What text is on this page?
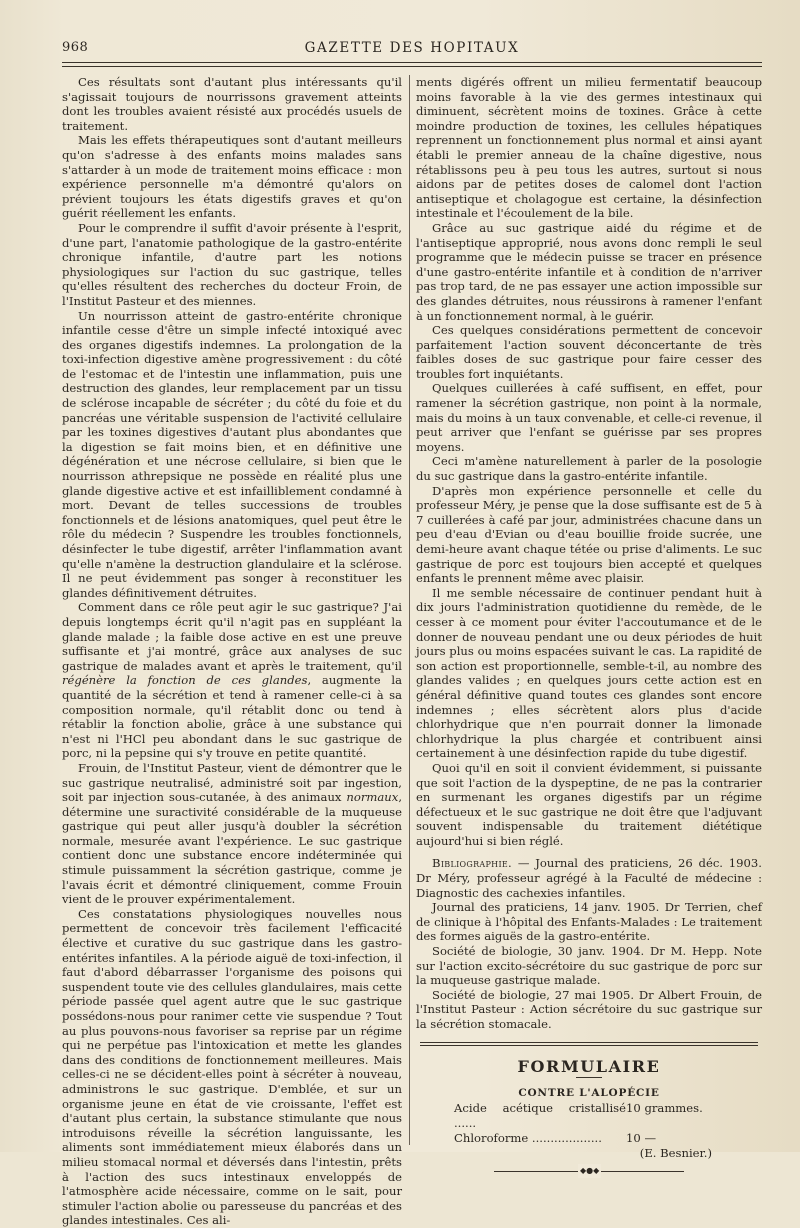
968	GAZETTE DES HOPITAUX

Ces résultats sont d'autant plus intéressants qu'il s'agissait toujours de nourrissons gravement atteints dont les troubles avaient résisté aux procédés usuels de traitement.

Mais les effets thérapeutiques sont d'autant meilleurs qu'on s'adresse à des enfants moins malades sans s'attarder à un mode de traitement moins efficace : mon expérience personnelle m'a démontré qu'alors on prévient toujours les états digestifs graves et qu'on guérit réellement les enfants.

Pour le comprendre il suffit d'avoir présente à l'esprit, d'une part, l'anatomie pathologique de la gastro-entérite chronique infantile, d'autre part les notions physiologiques sur l'action du suc gastrique, telles qu'elles résultent des recherches du docteur Froin, de l'Institut Pasteur et des miennes.

Un nourrisson atteint de gastro-entérite chronique infantile cesse d'être un simple infecté intoxiqué avec des organes digestifs indemnes. La prolongation de la toxi-infection digestive amène progressivement : du côté de l'estomac et de l'intestin une inflammation, puis une destruction des glandes, leur remplacement par un tissu de sclérose incapable de sécréter ; du côté du foie et du pancréas une véritable suspension de l'activité cellulaire par les toxines digestives d'autant plus abondantes que la digestion se fait moins bien, et en définitive une dégénération et une nécrose cellulaire, si bien que le nourrisson athrepsique ne possède en réalité plus une glande digestive active et est infailliblement condamné à mort. Devant de telles successions de troubles fonctionnels et de lésions anatomiques, quel peut être le rôle du médecin ? Suspendre les troubles fonctionnels, désinfecter le tube digestif, arrêter l'inflammation avant qu'elle n'amène la destruction glandulaire et la sclérose. Il ne peut évidemment pas songer à reconstituer les glandes définitivement détruites.

Comment dans ce rôle peut agir le suc gastrique? J'ai depuis longtemps écrit qu'il n'agit pas en suppléant la glande malade ; la faible dose active en est une preuve suffisante et j'ai montré, grâce aux analyses de suc gastrique de malades avant et après le traitement, qu'il régénère la fonction de ces glandes, augmente la quantité de la sécrétion et tend à ramener celle-ci à sa composition normale, qu'il rétablit donc ou tend à rétablir la fonction abolie, grâce à une substance qui n'est ni l'HCl peu abondant dans le suc gastrique de porc, ni la pepsine qui s'y trouve en petite quantité.

Frouin, de l'Institut Pasteur, vient de démontrer que le suc gastrique neutralisé, administré soit par ingestion, soit par injection sous-cutanée, à des animaux normaux, détermine une suractivité considérable de la muqueuse gastrique qui peut aller jusqu'à doubler la sécrétion normale, mesurée avant l'expérience. Le suc gastrique contient donc une substance encore indéterminée qui stimule puissamment la sécrétion gastrique, comme je l'avais écrit et démontré cliniquement, comme Frouin vient de le prouver expérimentalement.

Ces constatations physiologiques nouvelles nous permettent de concevoir très facilement l'efficacité élective et curative du suc gastrique dans les gastro-entérites infantiles. A la période aiguë de toxi-infection, il faut d'abord débarrasser l'organisme des poisons qui suspendent toute vie des cellules glandulaires, mais cette période passée quel agent autre que le suc gastrique possédons-nous pour ranimer cette vie suspendue ? Tout au plus pouvons-nous favoriser sa reprise par un régime qui ne perpétue pas l'intoxication et mette les glandes dans des conditions de fonctionnement meilleures. Mais celles-ci ne se décident-elles point à sécréter à nouveau, administrons le suc gastrique. D'emblée, et sur un organisme jeune en état de vie croissante, l'effet est d'autant plus certain, la substance stimulante que nous introduisons réveille la sécrétion languissante, les aliments sont immédiatement mieux élaborés dans un milieu stomacal normal et déversés dans l'intestin, prêts à l'action des sucs intestinaux enveloppés de l'atmosphère acide nécessaire, comme on le sait, pour stimuler l'action abolie ou paresseuse du pancréas et des glandes intestinales. Ces ali-

ments digérés offrent un milieu fermentatif beaucoup moins favorable à la vie des germes intestinaux qui diminuent, sécrètent moins de toxines. Grâce à cette moindre production de toxines, les cellules hépatiques reprennent un fonctionnement plus normal et ainsi ayant établi le premier anneau de la chaîne digestive, nous rétablissons peu à peu tous les autres, surtout si nous aidons par de petites doses de calomel dont l'action antiseptique et cholagogue est certaine, la désinfection intestinale et l'écoulement de la bile.

Grâce au suc gastrique aidé du régime et de l'antiseptique approprié, nous avons donc rempli le seul programme que le médecin puisse se tracer en présence d'une gastro-entérite infantile et à condition de n'arriver pas trop tard, de ne pas essayer une action impossible sur des glandes détruites, nous réussirons à ramener l'enfant à un fonctionnement normal, à le guérir.

Ces quelques considérations permettent de concevoir parfaitement l'action souvent déconcertante de très faibles doses de suc gastrique pour faire cesser des troubles fort inquiétants.

Quelques cuillerées à café suffisent, en effet, pour ramener la sécrétion gastrique, non point à la normale, mais du moins à un taux convenable, et celle-ci revenue, il peut arriver que l'enfant se guérisse par ses propres moyens.

Ceci m'amène naturellement à parler de la posologie du suc gastrique dans la gastro-entérite infantile.

D'après mon expérience personnelle et celle du professeur Méry, je pense que la dose suffisante est de 5 à 7 cuillerées à café par jour, administrées chacune dans un peu d'eau d'Evian ou d'eau bouillie froide sucrée, une demi-heure avant chaque tétée ou prise d'aliments. Le suc gastrique de porc est toujours bien accepté et quelques enfants le prennent même avec plaisir.

Il me semble nécessaire de continuer pendant huit à dix jours l'administration quotidienne du remède, de le cesser à ce moment pour éviter l'accoutumance et de le donner de nouveau pendant une ou deux périodes de huit jours plus ou moins espacées suivant le cas. La rapidité de son action est proportionnelle, semble-t-il, au nombre des glandes valides ; en quelques jours cette action est en général définitive quand toutes ces glandes sont encore indemnes ; elles sécrètent alors plus d'acide chlorhydrique que n'en pourrait donner la limonade chlorhydrique la plus chargée et contribuent ainsi certainement à une désinfection rapide du tube digestif.

Quoi qu'il en soit il convient évidemment, si puissante que soit l'action de la dyspeptine, de ne pas la contrarier en surmenant les organes digestifs par un régime défectueux et le suc gastrique ne doit être que l'adjuvant souvent indispensable du traitement diététique aujourd'hui si bien réglé.

Bibliographie. — Journal des praticiens, 26 déc. 1903. Dr Méry, professeur agrégé à la Faculté de médecine : Diagnostic des cachexies infantiles.

Journal des praticiens, 14 janv. 1905. Dr Terrien, chef de clinique à l'hôpital des Enfants-Malades : Le traitement des formes aiguës de la gastro-entérite.

Société de biologie, 30 janv. 1904. Dr M. Hepp. Note sur l'action excito-sécrétoire du suc gastrique de porc sur la muqueuse gastrique malade.

Société de biologie, 27 mai 1905. Dr Albert Frouin, de l'Institut Pasteur : Action sécrétoire du suc gastrique sur la sécrétion stomacale.

FORMULAIRE
CONTRE L'ALOPÉCIE
Acide acétique cristallisé ......
10 grammes.
Chloroforme ...................	10 —
(E. Besnier.)
◆●◆
